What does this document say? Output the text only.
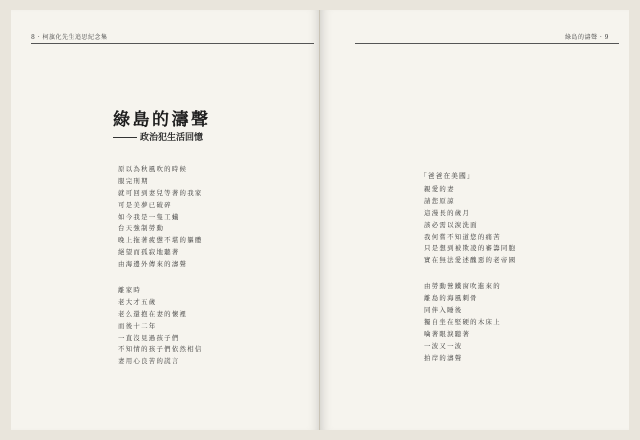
8 · 柯旗化先生追思紀念集
綠島的濤聲
政治犯生活回憶
原以為秋風吹的時候
服完刑期
就可回到妻兒等著的我家
可是美夢已破碎
如今我是一隻工蟻
台天強制勞動
晚上拖著疲憊不堪的軀體
絕望而孤寂地聽著
由海邊外傳來的濤聲
離家時
老大才五歲
老么還抱在妻的懷裡
而後十二年
一直沒見過孩子們
不知情的孩子們依然相信
妻用心良苦的謊言
綠島的濤聲 · 9
「爸爸在美國」
親愛的妻
請您原諒
這漫長的歲月
該必需以淚洗面
我何嘗不知道您的痛苦
只是想到被欺凌的審籌同胞
實在無法愛述醜惡的老帝國
由勞動營鐵窗吹進來的
離島的海風刺骨
同伴入睡後
獨自坐在堅硬的木床上
噙著眼淚聽著
一波又一波
拍岸的濤聲
